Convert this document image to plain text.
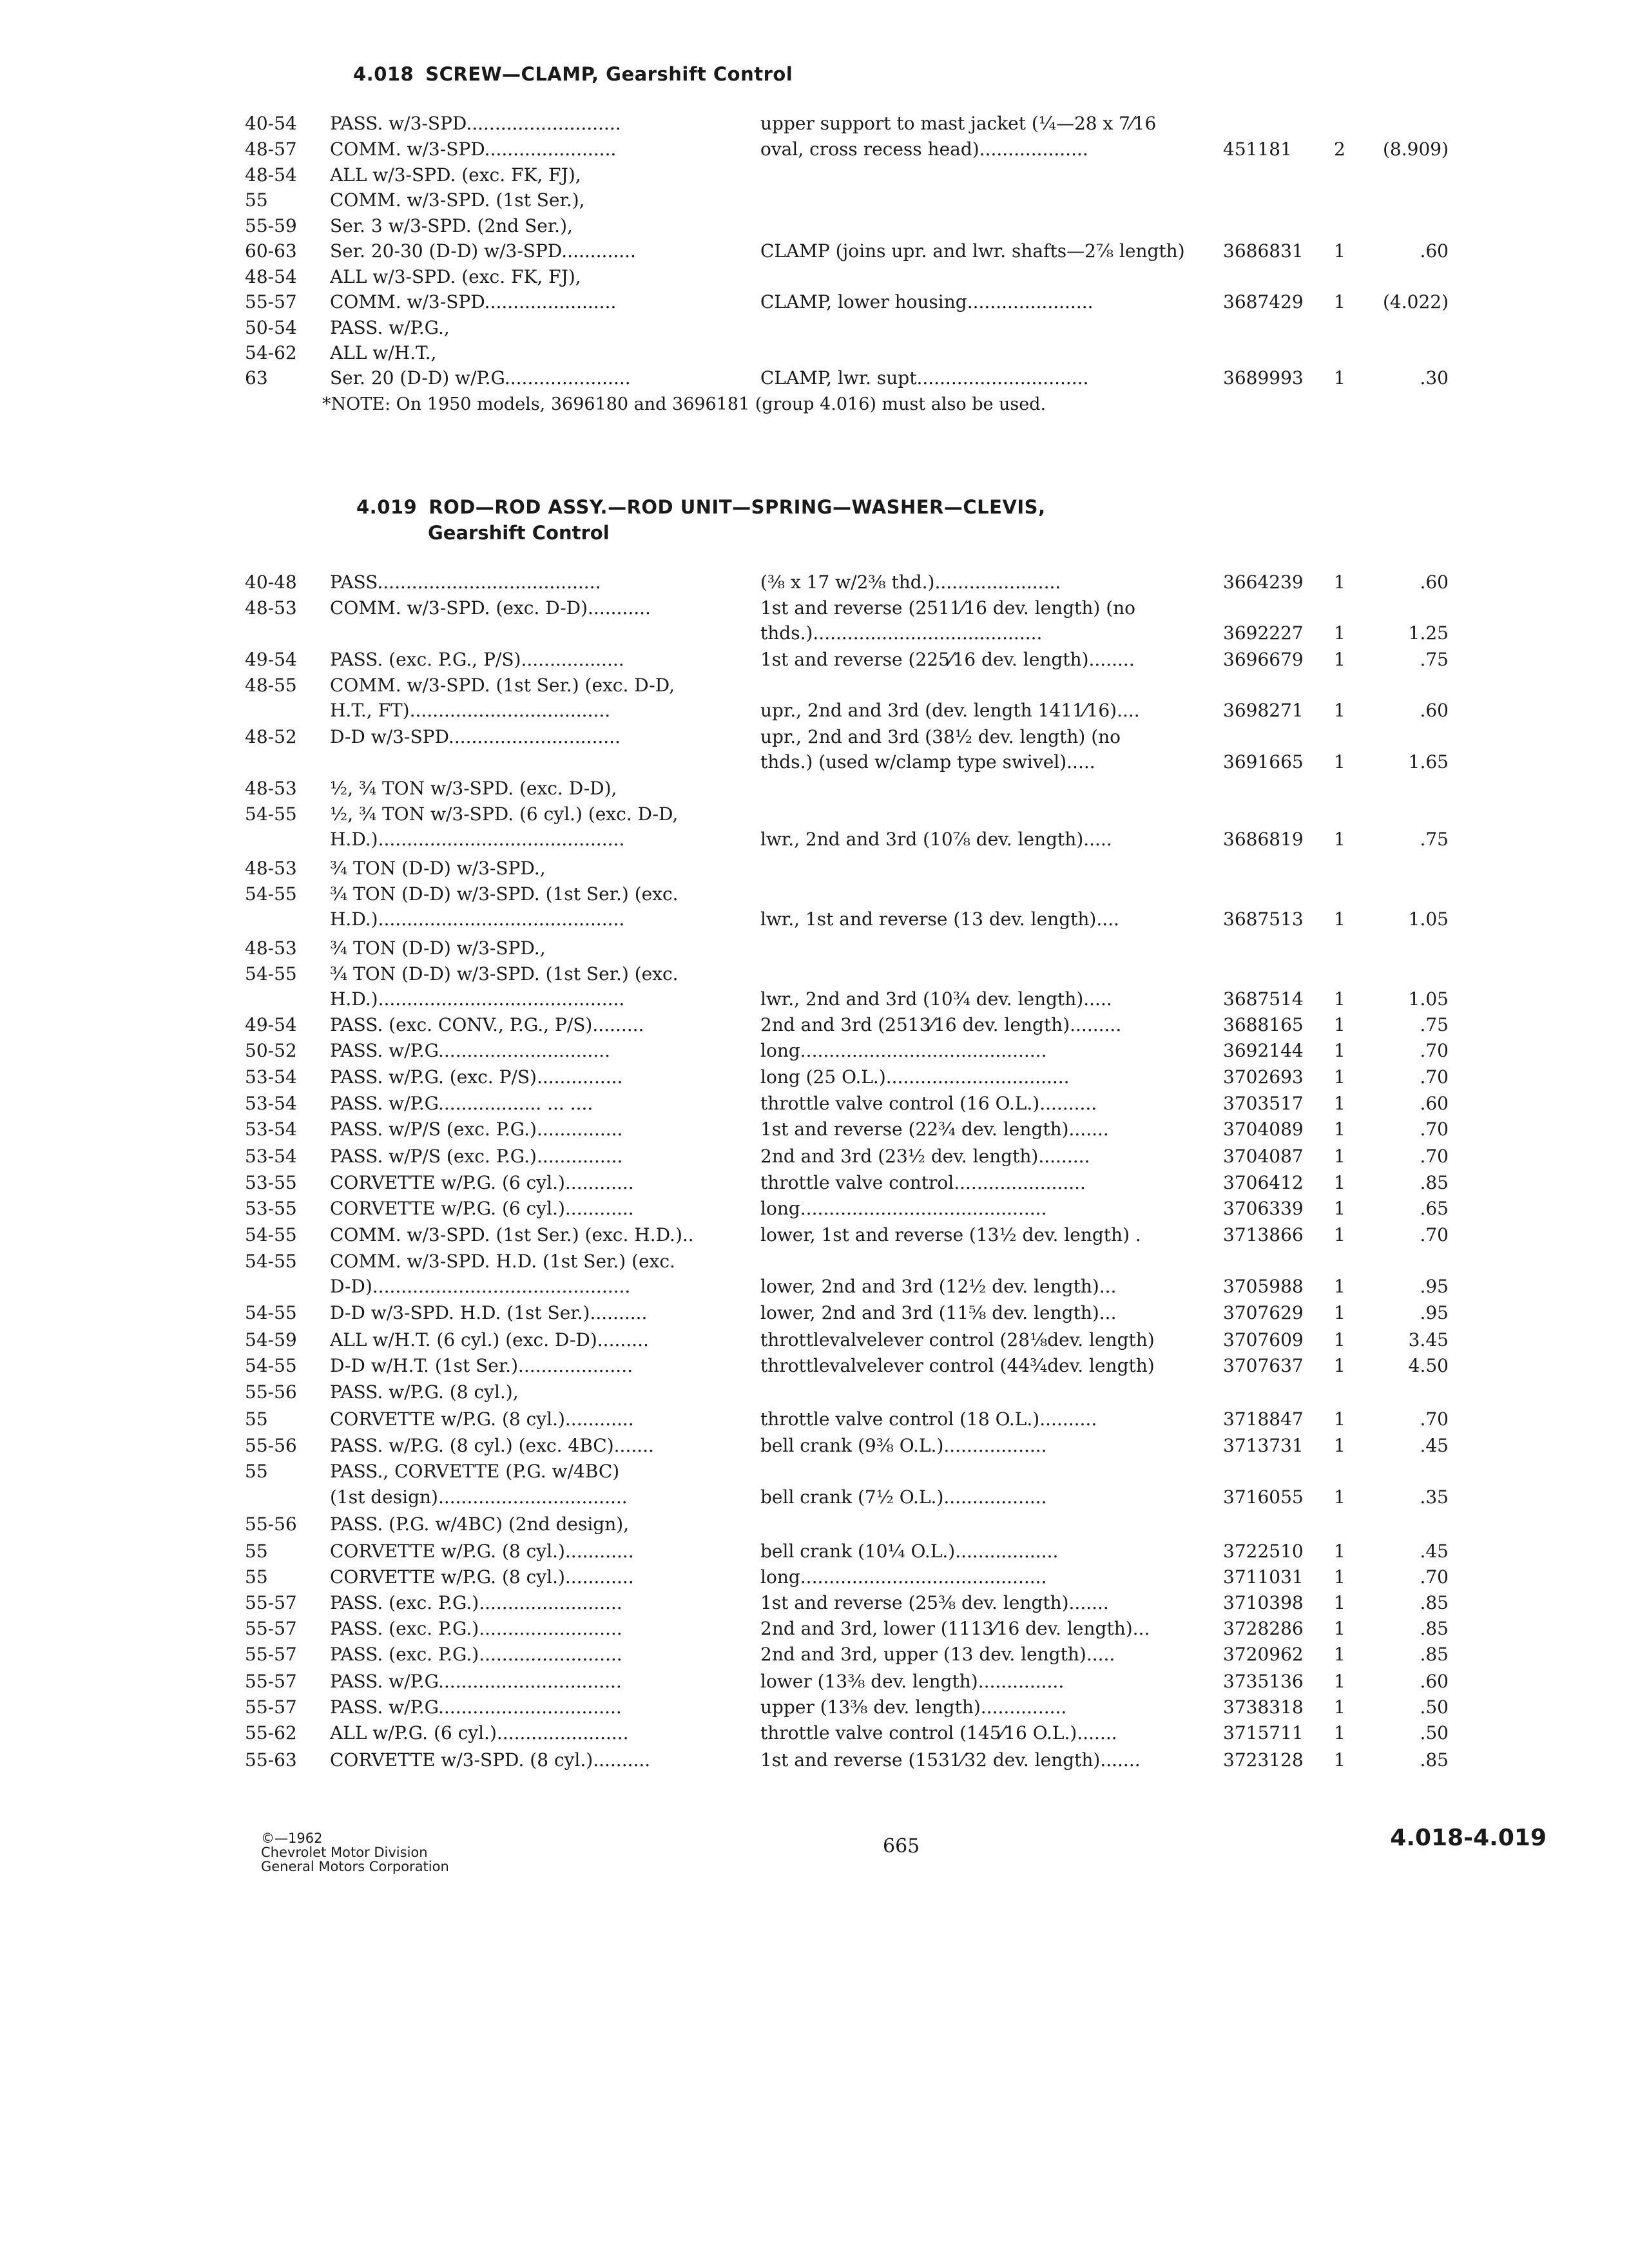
4.018 SCREW—CLAMP, Gearshift Control
40-54 PASS. w/3-SPD...........................	upper support to mast jacket (¼—28 x 7⁄16
48-57 COMM. w/3-SPD.......................	oval, cross recess head)...................	451181 2 (8.909)
48-54 ALL w/3-SPD. (exc. FK, FJ),
55	COMM. w/3-SPD. (1st Ser.),
55-59 Ser. 3 w/3-SPD. (2nd Ser.),
60-63 Ser. 20-30 (D-D) w/3-SPD.............	CLAMP (joins upr. and lwr. shafts—2⅞ length)	3686831 1	.60
48-54 ALL w/3-SPD. (exc. FK, FJ),
55-57 COMM. w/3-SPD.......................	CLAMP, lower housing......................	3687429 1 (4.022)
50-54 PASS. w/P.G.,
54-62 ALL w/H.T.,
63	Ser. 20 (D-D) w/P.G......................	CLAMP, lwr. supt..............................	3689993 1	.30
*NOTE: On 1950 models, 3696180 and 3696181 (group 4.016) must also be used.
4.019 ROD—ROD ASSY.—ROD UNIT—SPRING—WASHER—CLEVIS,
Gearshift Control
40-48 PASS.......................................	(⅜ x 17 w/2⅜ thd.)......................	3664239 1	.60
48-53 COMM. w/3-SPD. (exc. D-D)...........	1st and reverse (2511⁄16 dev. length) (no
thds.)........................................	3692227 1	1.25
49-54 PASS. (exc. P.G., P/S)..................	1st and reverse (225⁄16 dev. length)........	3696679 1	.75
48-55 COMM. w/3-SPD. (1st Ser.) (exc. D-D,
H.T., FT)...................................	upr., 2nd and 3rd (dev. length 1411⁄16)....	3698271 1	.60
48-52 D-D w/3-SPD..............................	upr., 2nd and 3rd (38½ dev. length) (no
thds.) (used w/clamp type swivel).....	3691665 1	1.65
48-53 ½, ¾ TON w/3-SPD. (exc. D-D),
54-55 ½, ¾ TON w/3-SPD. (6 cyl.) (exc. D-D,
H.D.)...........................................	lwr., 2nd and 3rd (10⅞ dev. length).....	3686819 1	.75
48-53 ¾ TON (D-D) w/3-SPD.,
54-55 ¾ TON (D-D) w/3-SPD. (1st Ser.) (exc.
H.D.)...........................................	lwr., 1st and reverse (13 dev. length)....	3687513 1	1.05
48-53 ¾ TON (D-D) w/3-SPD.,
54-55 ¾ TON (D-D) w/3-SPD. (1st Ser.) (exc.
H.D.)...........................................	lwr., 2nd and 3rd (10¾ dev. length).....	3687514 1	1.05
49-54 PASS. (exc. CONV., P.G., P/S).........	2nd and 3rd (2513⁄16 dev. length).........	3688165 1	.75
50-52 PASS. w/P.G..............................	long...........................................	3692144 1	.70
53-54 PASS. w/P.G. (exc. P/S)...............	long (25 O.L.)................................	3702693 1	.70
53-54 PASS. w/P.G.................. ... ....	throttle valve control (16 O.L.)..........	3703517 1	.60
53-54 PASS. w/P/S (exc. P.G.)...............	1st and reverse (22¾ dev. length).......	3704089 1	.70
53-54 PASS. w/P/S (exc. P.G.)...............	2nd and 3rd (23½ dev. length).........	3704087 1	.70
53-55 CORVETTE w/P.G. (6 cyl.)............	throttle valve control.......................	3706412 1	.85
53-55 CORVETTE w/P.G. (6 cyl.)............	long...........................................	3706339 1	.65
54-55 COMM. w/3-SPD. (1st Ser.) (exc. H.D.)..	lower, 1st and reverse (13½ dev. length) .	3713866 1	.70
54-55 COMM. w/3-SPD. H.D. (1st Ser.) (exc.
D-D).............................................	lower, 2nd and 3rd (12½ dev. length)...	3705988 1	.95
54-55 D-D w/3-SPD. H.D. (1st Ser.)..........	lower, 2nd and 3rd (11⅝ dev. length)...	3707629 1	.95
54-59 ALL w/H.T. (6 cyl.) (exc. D-D).........	throttlevalvelever control (28⅛dev. length)	3707609 1	3.45
54-55 D-D w/H.T. (1st Ser.)....................	throttlevalvelever control (44¾dev. length)	3707637 1	4.50
55-56 PASS. w/P.G. (8 cyl.),
55	CORVETTE w/P.G. (8 cyl.)............	throttle valve control (18 O.L.)..........	3718847 1	.70
55-56 PASS. w/P.G. (8 cyl.) (exc. 4BC).......	bell crank (9⅜ O.L.)..................	3713731 1	.45
55	PASS., CORVETTE (P.G. w/4BC)
(1st design).................................	bell crank (7½ O.L.)..................	3716055 1	.35
55-56 PASS. (P.G. w/4BC) (2nd design),
55	CORVETTE w/P.G. (8 cyl.)............	bell crank (10¼ O.L.)..................	3722510 1	.45
55	CORVETTE w/P.G. (8 cyl.)............	long...........................................	3711031 1	.70
55-57 PASS. (exc. P.G.).........................	1st and reverse (25⅜ dev. length).......	3710398 1	.85
55-57 PASS. (exc. P.G.).........................	2nd and 3rd, lower (1113⁄16 dev. length)...	3728286 1	.85
55-57 PASS. (exc. P.G.).........................	2nd and 3rd, upper (13 dev. length).....	3720962 1	.85
55-57 PASS. w/P.G................................	lower (13⅜ dev. length)...............	3735136 1	.60
55-57 PASS. w/P.G................................	upper (13⅜ dev. length)...............	3738318 1	.50
55-62 ALL w/P.G. (6 cyl.).......................	throttle valve control (145⁄16 O.L.).......	3715711 1	.50
55-63 CORVETTE w/3-SPD. (8 cyl.)..........	1st and reverse (1531⁄32 dev. length).......	3723128 1	.85
©—1962
Chevrolet Motor Division
General Motors Corporation
665	4.018-4.019
